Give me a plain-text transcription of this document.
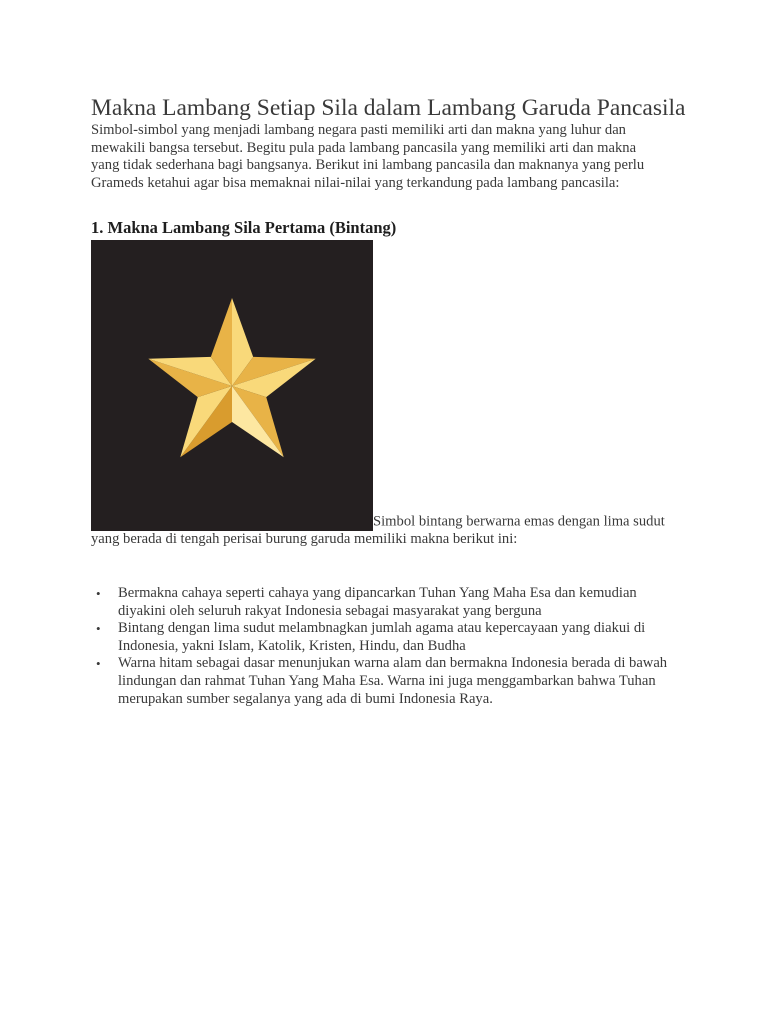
Makna Lambang Setiap Sila dalam Lambang Garuda Pancasila

Simbol-simbol yang menjadi lambang negara pasti memiliki arti dan makna yang luhur dan mewakili bangsa tersebut. Begitu pula pada lambang pancasila yang memiliki arti dan makna yang tidak sederhana bagi bangsanya. Berikut ini lambang pancasila dan maknanya yang perlu Grameds ketahui agar bisa memaknai nilai-nilai yang terkandung pada lambang pancasila:

1. Makna Lambang Sila Pertama (Bintang)
Simbol bintang berwarna emas dengan lima sudut yang berada di tengah perisai burung garuda memiliki makna berikut ini:
• Bermakna cahaya seperti cahaya yang dipancarkan Tuhan Yang Maha Esa dan kemudian diyakini oleh seluruh rakyat Indonesia sebagai masyarakat yang berguna
• Bintang dengan lima sudut melambnagkan jumlah agama atau kepercayaan yang diakui di Indonesia, yakni Islam, Katolik, Kristen, Hindu, dan Budha
• Warna hitam sebagai dasar menunjukan warna alam dan bermakna Indonesia berada di bawah lindungan dan rahmat Tuhan Yang Maha Esa. Warna ini juga menggambarkan bahwa Tuhan merupakan sumber segalanya yang ada di bumi Indonesia Raya.
